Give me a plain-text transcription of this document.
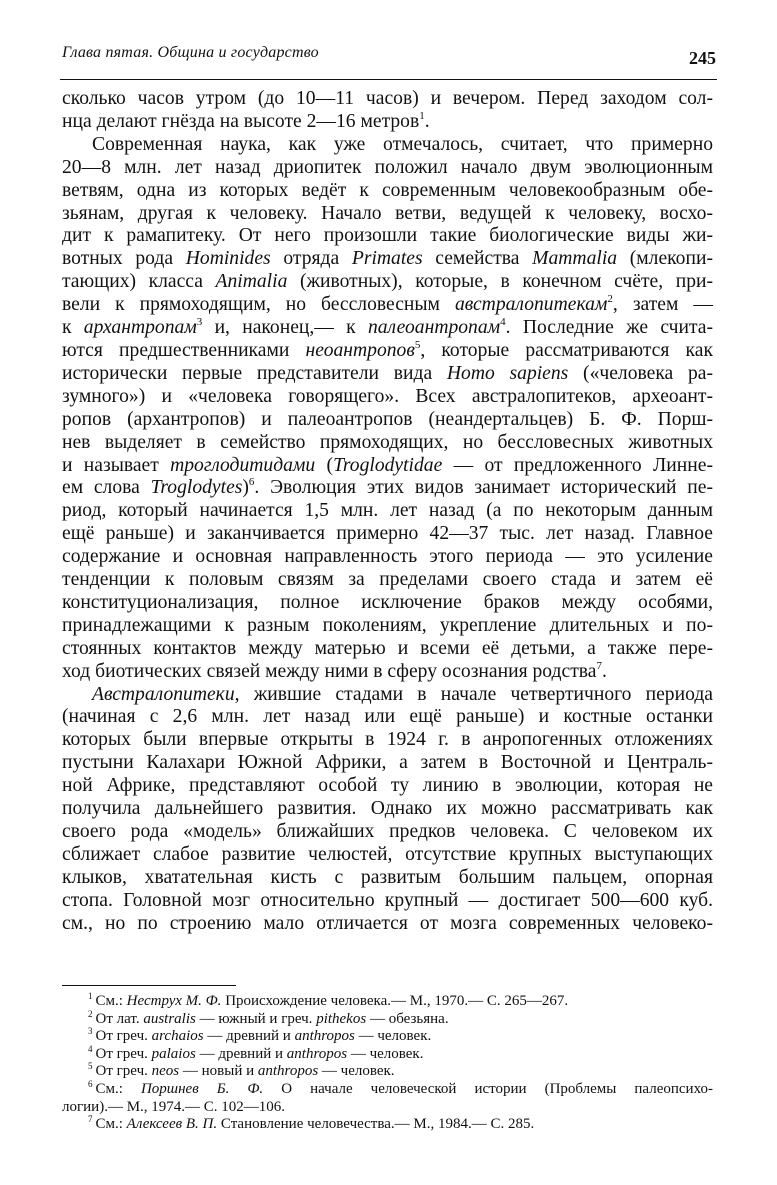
Глава пятая. Община и государство	245
сколько часов утром (до 10—11 часов) и вечером. Перед заходом сол-
нца делают гнёзда на высоте 2—16 метров$^1$.
Современная наука, как уже отмечалось, считает, что примерно
20—8 млн. лет назад дриопитек положил начало двум эволюционным
ветвям, одна из которых ведёт к современным человекообразным обе-
зьянам, другая к человеку. Начало ветви, ведущей к человеку, восхо-
дит к рамапитеку. От него произошли такие биологические виды жи-
вотных рода Hominides отряда Primates семейства Mammalia (млекопи-
тающих) класса Animalia (животных), которые, в конечном счёте, при-
вели к прямоходящим, но бессловесным австралопитекам$^2$, затем —
к архантропам$^3$ и, наконец,— к палеоантропам$^4$. Последние же счита-
ются предшественниками неоантропов$^5$, которые рассматриваются как
исторически первые представители вида Homo sapiens («человека ра-
зумного») и «человека говорящего». Всех австралопитеков, археоант-
ропов (архантропов) и палеоантропов (неандертальцев) Б. Ф. Порш-
нев выделяет в семейство прямоходящих, но бессловесных животных
и называет троглодитидами (Troglodytidae — от предложенного Линне-
ем слова Troglodytes)$^6$. Эволюция этих видов занимает исторический пе-
риод, который начинается 1,5 млн. лет назад (а по некоторым данным
ещё раньше) и заканчивается примерно 42—37 тыс. лет назад. Главное
содержание и основная направленность этого периода — это усиление
тенденции к половым связям за пределами своего стада и затем её
конституционализация, полное исключение браков между особями,
принадлежащими к разным поколениям, укрепление длительных и по-
стоянных контактов между матерью и всеми её детьми, а также пере-
ход биотических связей между ними в сферу осознания родства$^7$.
Австралопитеки, жившие стадами в начале четвертичного периода
(начиная с 2,6 млн. лет назад или ещё раньше) и костные останки
которых были впервые открыты в 1924 г. в анропогенных отложениях
пустыни Калахари Южной Африки, а затем в Восточной и Централь-
ной Африке, представляют особой ту линию в эволюции, которая не
получила дальнейшего развития. Однако их можно рассматривать как
своего рода «модель» ближайших предков человека. С человеком их
сближает слабое развитие челюстей, отсутствие крупных выступающих
клыков, хватательная кисть с развитым большим пальцем, опорная
стопа. Головной мозг относительно крупный — достигает 500—600 куб.
см., но по строению мало отличается от мозга современных человеко-
$^1$ См.: Неструх М. Ф. Происхождение человека.— М., 1970.— С. 265—267.
$^2$ От лат. australis — южный и греч. pithekos — обезьяна.
$^3$ От греч. archaios — древний и anthropos — человек.
$^4$ От греч. palaios — древний и anthropos — человек.
$^5$ От греч. neos — новый и anthropos — человек.
$^6$ См.: Поршнев Б. Ф. О начале человеческой истории (Проблемы палеопсихо-
логии).— М., 1974.— С. 102—106.
$^7$ См.: Алексеев В. П. Становление человечества.— М., 1984.— С. 285.
